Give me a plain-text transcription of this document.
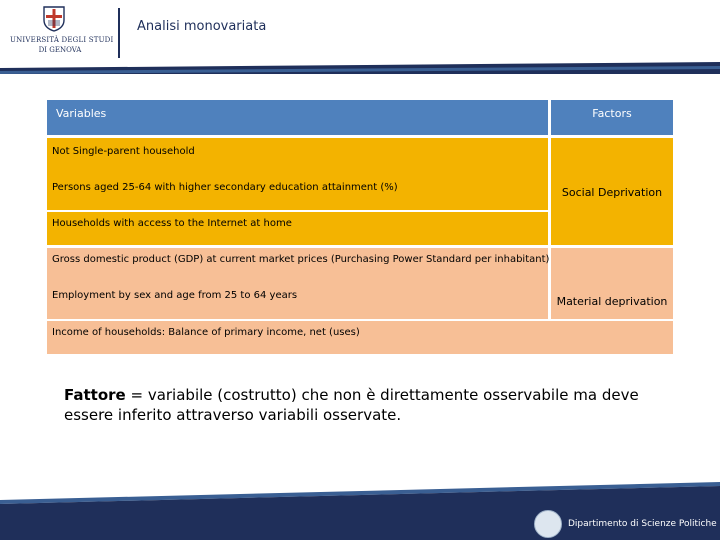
UNIVERSITÀ DEGLI STUDI
DI GENOVA
Analisi monovariata
Variables	Factors
Not Single-parent household
Persons aged 25-64 with higher secondary education attainment (%)	Social Deprivation
Households with access to the Internet at home
Gross domestic product (GDP) at current market prices (Purchasing Power Standard per inhabitant)
Employment by sex and age from 25 to 64 years	Material deprivation
Income of households: Balance of primary income, net (uses)
Fattore = variabile (costrutto) che non è direttamente osservabile ma deve essere inferito attraverso variabili osservate.
Dipartimento di Scienze Politiche
